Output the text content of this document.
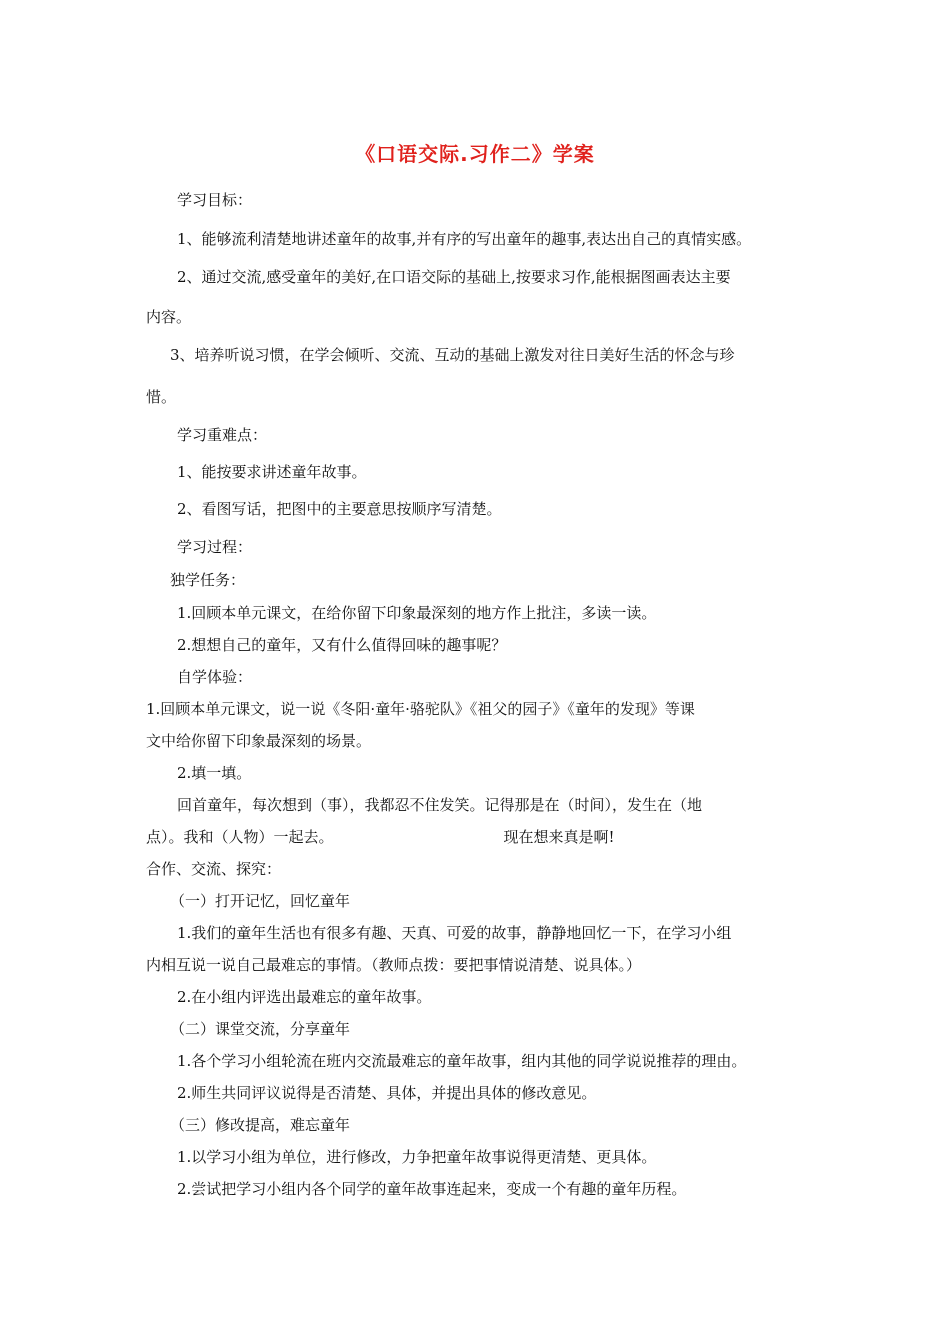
《口语交际.习作二》学案
学习目标：
1、能够流利清楚地讲述童年的故事,并有序的写出童年的趣事,表达出自己的真情实感。
2、通过交流,感受童年的美好,在口语交际的基础上,按要求习作,能根据图画表达主要
内容。
3、培养听说习惯，在学会倾听、交流、互动的基础上激发对往日美好生活的怀念与珍
惜。
学习重难点：
1、能按要求讲述童年故事。
2、看图写话，把图中的主要意思按顺序写清楚。
学习过程：
独学任务：
1.回顾本单元课文，在给你留下印象最深刻的地方作上批注，多读一读。
2.想想自己的童年，又有什么值得回味的趣事呢？
自学体验：
1.回顾本单元课文，说一说《冬阳·童年·骆驼队》《祖父的园子》《童年的发现》等课
文中给你留下印象最深刻的场景。
2.填一填。
回首童年，每次想到（事），我都忍不住发笑。记得那是在（时间），发生在（地
点）。我和（人物）一起去。	现在想来真是啊!
合作、交流、探究：
（一）打开记忆，回忆童年
1.我们的童年生活也有很多有趣、天真、可爱的故事，静静地回忆一下，在学习小组
内相互说一说自己最难忘的事情。（教师点拨：要把事情说清楚、说具体。）
2.在小组内评选出最难忘的童年故事。
（二）课堂交流，分享童年
1.各个学习小组轮流在班内交流最难忘的童年故事，组内其他的同学说说推荐的理由。
2.师生共同评议说得是否清楚、具体，并提出具体的修改意见。
（三）修改提高，难忘童年
1.以学习小组为单位，进行修改，力争把童年故事说得更清楚、更具体。
2.尝试把学习小组内各个同学的童年故事连起来，变成一个有趣的童年历程。
